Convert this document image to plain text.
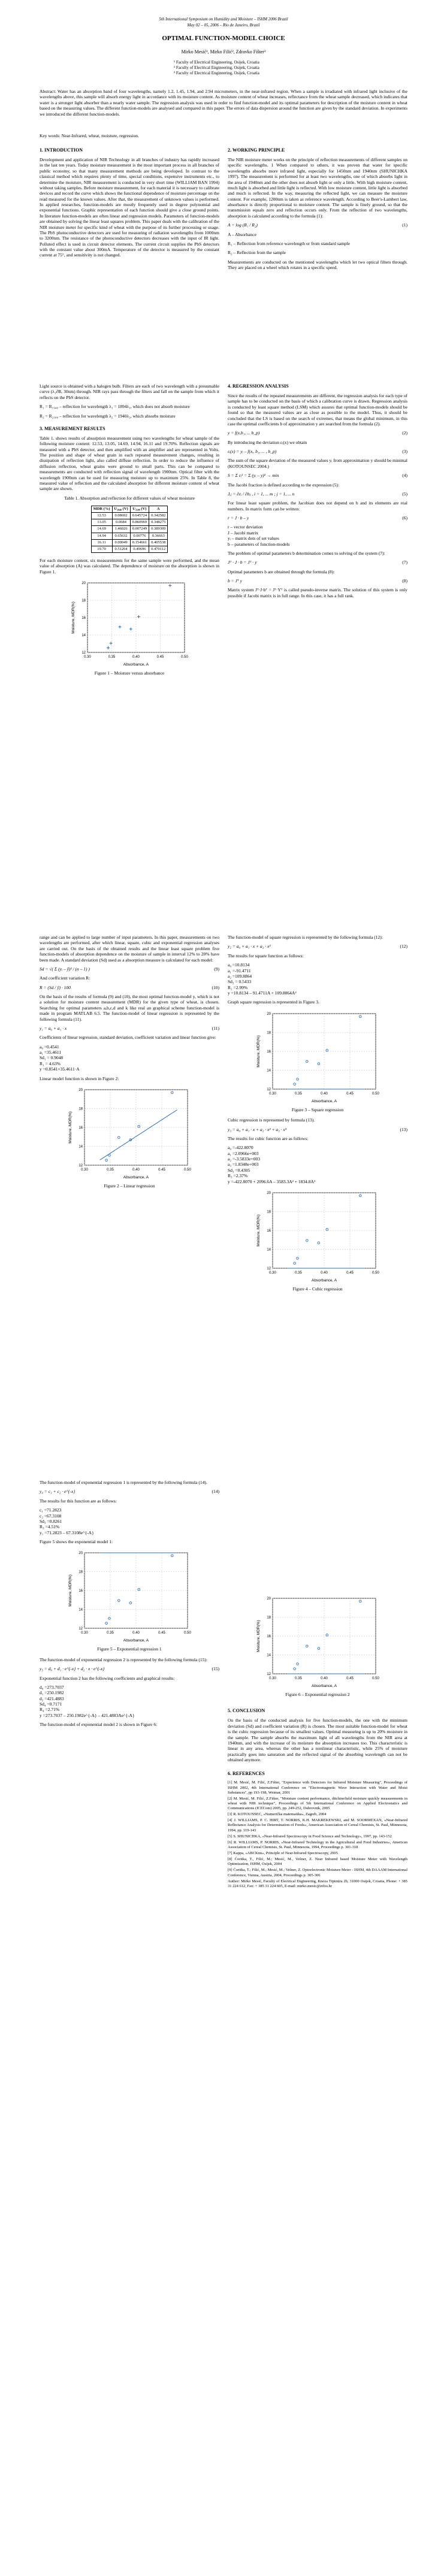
5th International Symposium on Humidity and Moisture – ISHM 2006 Brazil
May 02 – 05, 2006 – Rio de Janeiro, Brazil
OPTIMAL FUNCTION-MODEL CHOICE
Mirko Mesić¹, Mirko Filić², Zdravko Fišter³
¹ Faculty of Electrical Engineering, Osijek, Croatia
² Faculty of Electrical Engineering, Osijek, Croatia
³ Faculty of Electrical Engineering, Osijek, Croatia
Abstract: Water has an absorption band of four wavelengths, namely 1.2, 1.45, 1.94, and 2.94 micrometers, in the near-infrared region. When a sample is irradiated with infrared light inclusive of the wavelengths above, this sample will absorb energy light in accordance with its moisture content. As moisture content of wheat increases, reflectance from the wheat sample decreased, which indicates that water is a stronger light absorber than a nearly water sample. The regression analysis was used in order to find function-model and its optimal parameters for description of the moisture content in wheat based on the measuring values. The different function-models are analysed and compared in this paper. The errors of data dispersion around the function are given by the standard deviation. In experiments we introduced the different function-models.
Key words: Near-Infrared, wheat, moisture, regression.
1. INTRODUCTION

Development and application of NIR Technology in all branches of industry has rapidly increased in the last ten years. Today moisture measurement is the most important process in all branches of public economy, so that many measurement methods are being developed. In contrast to the classical method which requires plenty of time, special conditions, expensive instruments etc., to determine the moisture, NIR measurement is conducted in very short time (WILLIAM BAN 1994) without taking samples. Before moisture measurement, for each material it is necessary to calibrate devices and record the curve which shows the functional dependence of moisture percentage on the read measured for the known values. After that, the measurement of unknown values is performed. In applied researches, function-models are mostly frequently used in degree polynomial and exponential functions. Graphic representation of each function should give a close ground points. In literature function-models are often linear and regression models. Parameters of function-models are obtained by solving the linear least squares problem. This paper deals with the calibration of the NIR moisture meter for specific kind of wheat with the purpose of its further processing or usage. The PbS photoconductive detectors are used for measuring of radiation wavelengths from 1000nm to 3200nm. The resistance of the photoconductive detectors decreases with the input of IR light. Polluted effect is used in circuit detector elements. The current circuit supplies the PbS detectors with the constant value about 300mA. Temperature of the detector is measured by the constant current at 75°, and sensitivity is not changed.

Light source is obtained with a halogen bulb. Filters are each of two wavelength with a presumable curve (λ₁∂B, 30nm) through. NIR rays pass through the filters and fall on the sample from which it reflects on the PbS detector.

R₁ = R₁₉₄₀ – reflection for wavelength λ₁ = 1894λ₁, which does not absorb moisture

R₂ = R₂₁₀₀ – reflection for wavelength λ₂ = 1940λ₂, which absorbs moisture

3. MEASUREMENT RESULTS

Table 1. shows results of absorption measurement using two wavelengths for wheat sample of the following moisture content: 12.53, 13.05, 14.69, 14.94, 16.11 and 19.70%. Reflection signals are measured with a PbS detector, and then amplified with an amplifier and are represented in Volts. The position and shape of wheat grain in each repeated measurement changes, resulting in dissipation of reflection light, also called diffuse reflection. In order to reduce the influence of diffusion reflection, wheat grains were ground to small parts. This can be compared to measurements are conducted with reflection signal of wavelength 1900nm. Optical filter with the wavelength 1900nm can be used for measuring moisture up to maximum 25%. In Table 8, the measured value of reflection and the calculated absorption for different moisture content of wheat sample are shown.

Table 1. Absorption and reflection for different values of wheat moisture
MDR (%)	U₁₉₄₀ (V)	U₂₁₀₀ (V)	A
12.53	0.08692	0.645724	0.342582
13.05	0.0684	0.860969	0.348275
14.69	1.46026	0.007249	0.389309
14.94	0.65632	0.00776	0.36663
16.11	0.00049	0.154661	0.405538
19.70	0.51264	0.49696	0.470112

For each moisture content, six measurements for the same sample were performed, and the mean value of absorption (A) was calculated. The dependence of moisture on the absorption is shown in Figure 1.

0.30	0.35	0.40	0.45	0.50
12
14
16
18
20
Absorbance, A
Moisture, MDR(%)
Figure 1 – Moisture versus absorbance
2. WORKING PRINCIPLE

The NIR moisture meter works on the principle of reflection measurements of different samples on specific wavelengths. 1 When compared to others, it was proven that water for specific wavelengths absorbs more infrared light, especially for 1450nm and 1940nm (SHUNICHKA 1997). The measurement is performed for at least two wavelengths, one of which absorbs light in the area of 1940nm and the other does not absorb light or only a little. With high moisture content, much light is absorbed and little light is reflected. With low moisture content, little light is absorbed and much is reflected. In the way, measuring the reflected light, we can measure the moisture content. For example, 1200nm is taken as reference wavelength. According to Beer's-Lambert law, absorbance is directly proportional to moisture content. The sample is finely ground, so that the transmission equals zero and reflection occurs only. From the reflection of two wavelengths, absorption is calculated according to the formula (1):

A = log (R₁ / R₂)	(1)

A – Absorbance

R₁ – Reflection from reference wavelength or from standard sample

R₂ – Reflection from the sample

Measurements are conducted on the mentioned wavelengths which let two optical filters through. They are placed on a wheel which rotates in a specific speed.

4. REGRESSION ANALYSIS

Since the results of the repeated measurements are different, the regression analysis for each type of sample has to be conducted on the basis of which a calibration curve is drawn. Regression analysis is conducted by least square method (LSM) which assures that optimal function-models should be found so that the measured values are as close as possible to the model. Thus, it should be concluded that the LS is based on the search of extremes, that means the global minimum, in this case the optimal coefficients b of approximation y are searched from the formula (2).

y = f(x,b₁, ... b_p)	(2)

By introducing the deviation εᵢ(x) we obtain

εᵢ(x) = yᵢ – f(xᵢ, b₁, ... , b_p)	(3)

The sum of the square deviation of the measured values yᵢ from approximation y should be minimal (KOTOUNSEC 2004.)

S = Σ εᵢ² = Σ (yᵢ – y)² → min	(4)

The Jacobi fraction is defined according to the expression (5):

Jᵢⱼ = ∂εᵢ / ∂bⱼ , i = 1, ... m ; j = 1, ... n	(5)

For linear least square problem, the Jacobian does not depend on b and its elements are real numbers. In matrix form can be written:

r = J · b – y	(6)

r – vector deviation
J – Jacobi matrix
yᵢ – matrix dots of set values
b – parameters of function-models

The problem of optimal parameters b determination comes to solving of the system (7):

Jᵀ · J · b = Jᵀ · y	(7)

Optimal parameters b are obtained through the formula (8):

b = Jᵀ y	(8)

Matrix system Jᵀ·J·bᵀ = Jᵀ·Yᵀ is called pseudo-inverse matrix. The solution of this system is only possible if Jacobi matrix is in full range. In this case, it has a full rank.

range and can be applied to large number of input parameters. In this paper, measurements on two wavelengths are performed, after which linear, square, cubic and exponential regression analyses are carried out. On the basis of the obtained results and the linear least square problem five function-models of absorption dependence on the moisture of sample in interval 12% to 20% have been made. A standard deviation (Sd) used as a absorption measure is calculated for each model:

Sd = √( Σ (yᵢ – ȳ)² / (n – 1) )	(9)

And coefficient variation R:

R = (Sd / ȳ) · 100	(10)

On the basis of the results of formula (9) and (10), the most optimal function-model y, which is not a solution for moisture content measurement (MDR) for the given type of wheat, is chosen. Searching for optimal parameters a,b,c,d and k like real an graphical scheme function-model is made in program MATLAB 6.5. The function-model of linear regression is represented by the following formula (11).

y₁ = a₀ + a₁ · x	(11)

Coefficients of linear regression, standard deviation, coefficient variation and linear function give:

a₀ =0.4541
a₁ =35.4611
Sd₁ = 0.9048
R₁ = 4.63%
y =0.8541+35.4611·A

Linear model function is shown in Figure 2:

0.30	0.35	0.40	0.45	0.50
12
14
16
18
20
Absorbance, A
Moisture, MDR(%)
Figure 2 – Linear regression

The function-model of exponential regression 1 is represented by the following formula (14).

y₄ = c₁ + c₂ · e^{-x}	(14)

The results for this function are as follows:

c₁ =71.2823
c₂ =67.3108
Sd₃ =0.8261
R₃ =4.51%
y₁ =71.2823 – 67.3108e^{-A}

Figure 5 shows the exponential model 1:

0.30	0.35	0.40	0.45	0.50
12
14
16
18
20
Absorbance, A
Moisture, MDR(%)
Figure 5 – Exponential regression 1

The function-model of exponential regression 2 is represented by the following formula (15):

y₅ = d₀ + d₁ · e^{-x} + d₂ · x · e^{-x}	(15)

Exponential function 2 has the following coefficients and graphical results:

d₀ =273.7037
d₁ =250.1982
d₂ =421.4883
Sd₄ =0.7171
R₄ =2.71%
y =273.7037 – 250.1982e^{-A} – 421.4883Ae^{-A}

The function-model of exponential model 2 is shown in Figure 6:

The function-model of square regression is represented by the following formula (12):

y₂ = a₀ + a₁ · x + a₂ · x²	(12)

The results for square function as follows:

a₀ =10.8134
a₁ =-91.4711
a₂ =109.8864
Sd₂ = 0.5433
R₂ =2.99%
y =10.8134 – 91.4711A + 109.8864A²

Graph square regression is represented in Figure 3.

0.30	0.35	0.40	0.45	0.50
12
14
16
18
20
Absorbance, A
Moisture, MDR(%)
Figure 3 – Square regression

Cubic regression is represented by formula (13).

y₃ = a₀ + a₁ · x + a₂ · x² + a₃ · x³	(13)

The results for cubic function are as follows:

a₀ =-422.8070
a₁ =2.0966e+003
a₂ =-3.5833e+003
a₃ =1.8348e+003
Sd₃ =0.4305
R₃ =2.37%
y =-422.8070 + 2096.6A – 3583.3A² + 1834.8A³

0.30	0.35	0.40	0.45	0.50
12
14
16
18
20
Absorbance, A
Moisture, MDR(%)
Figure 4 – Cubic regression
0.30	0.35	0.40	0.45	0.50
12
14
16
18
20
Absorbance, A
Moisture, MDR(%)
Figure 6 – Exponential regression 2
5. CONCLUSION

On the basis of the conducted analysis for five function-models, the one with the minimum deviation (Sd) and coefficient variation (R) is chosen. The most suitable function-model for wheat is the cubic regression because of its smallest values. Optimal measuring is up to 20% moisture in the sample. The sample absorbs the maximum light of all wavelengths from the NIR area at 1940nm, and with the increase of its moisture the absorption increases too. This characteristic is linear in any area, whereas the other has a nonlinear characteristic, while 25% of moisture practically goes into saturation and the reflected signal of the absorbing wavelength can not be obtained anymore.

6. REFERENCES
[1] M. Mesić, M. Filić, Z.Fišter, "Experience with Detectors for Infrared Moisture Measuring", Proceedings of ISHM 2002, 4th International Conference on "Electromagnetic Wave Interaction with Water and Moist Substances", pp 193-198, Weimar, 2001
[2] M. Mesić, M. Filić, Z.Fišter, "Moisture content performance, ditchinefield moisture quickly measurements in wheat with NIR technique", Proceedings of 5th International Conference on Applied Electrostatics and Communications (ICECom) 2005, pp. 249-252, Dubrovnik, 2005
[3] R. KOTOUNSEC, «Numerička matematika», Zagreb, 2004
[4] J. WILLIAMS, P. C. HIRT, T. NORRIS, K.H. MAKREKEWSKI, and M. SOORMEXAN, «Near-Infrared Reflectance Analysis for Determination of Foods», American Association of Cereal Chemists, St. Paul, Minnesota, 1994, pp. 119-143
[5] S. SHUNICHKA, «Near-Infrared Spectroscopy in Food Science and Technology», 1997, pp. 143-152
[6] R. WILLIAMS, P. NORRIS, «Near-Infrared Technology in the Agricultural and Food Industries», American Association of Cereal Chemists, St. Paul, Minnesota, 1994, Proceedings p. 301-318
[7] Kappa, «ABCKnu», Principle of Near-Infrared Spectroscopy, 2005
[8] Ćoritka, T., Filić, M.; Mesić, M., Vešner, Z. Near Infrared based Moisture Meter with Wavelength Optimization, ISHM, Osijek, 2004
[9] Ćoritka, T.; Filić, M.; Mesić, M.; Vešner, Z. Optoelectronic Moisture Meter - ISHM, 4th DAAAM International Conference, Vienna, Austria, 2004, Proceedings p. 305-306
Author: Mirko Mesić, Faculty of Electrical Engineering, Kneza Trpimira 2b, 31000 Osijek, Croatia, Phone: + 385 31 224 612, Fax: + 385 31 224 605, E-mail: mirko.mesic@etfos.hr
